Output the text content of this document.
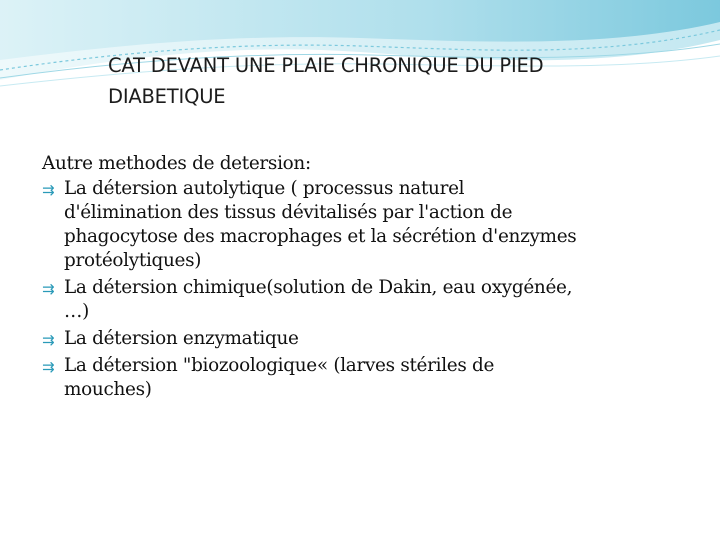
CAT DEVANT UNE PLAIE CHRONIQUE DU PIED
DIABETIQUE
Autre methodes de detersion:
⇉ La détersion autolytique ( processus naturel
d'élimination des tissus dévitalisés par l'action de
phagocytose des macrophages et la sécrétion d'enzymes
protéolytiques)
⇉ La détersion chimique(solution de Dakin, eau oxygénée,
…)
⇉ La détersion enzymatique
⇉ La détersion "biozoologique« (larves stériles de
mouches)
